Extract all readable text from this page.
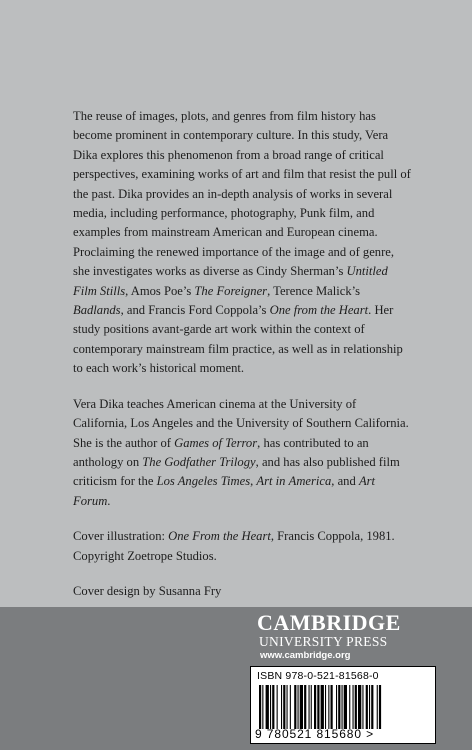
The reuse of images, plots, and genres from film history has become prominent in contemporary culture. In this study, Vera Dika explores this phenomenon from a broad range of critical perspectives, examining works of art and film that resist the pull of the past. Dika provides an in-depth analysis of works in several media, including performance, photography, Punk film, and examples from mainstream American and European cinema. Proclaiming the renewed importance of the image and of genre, she investigates works as diverse as Cindy Sherman’s Untitled Film Stills, Amos Poe’s The Foreigner, Terence Malick’s Badlands, and Francis Ford Coppola’s One from the Heart. Her study positions avant-garde art work within the context of contemporary mainstream film practice, as well as in relationship to each work’s historical moment.

Vera Dika teaches American cinema at the University of California, Los Angeles and the University of Southern California. She is the author of Games of Terror, has contributed to an anthology on The Godfather Trilogy, and has also published film criticism for the Los Angeles Times, Art in America, and Art Forum.

Cover illustration: One From the Heart, Francis Coppola, 1981. Copyright Zoetrope Studios.

Cover design by Susanna Fry

CAMBRIDGE
UNIVERSITY PRESS
www.cambridge.org
ISBN 978-0-521-81568-0
9 780521 815680 >
